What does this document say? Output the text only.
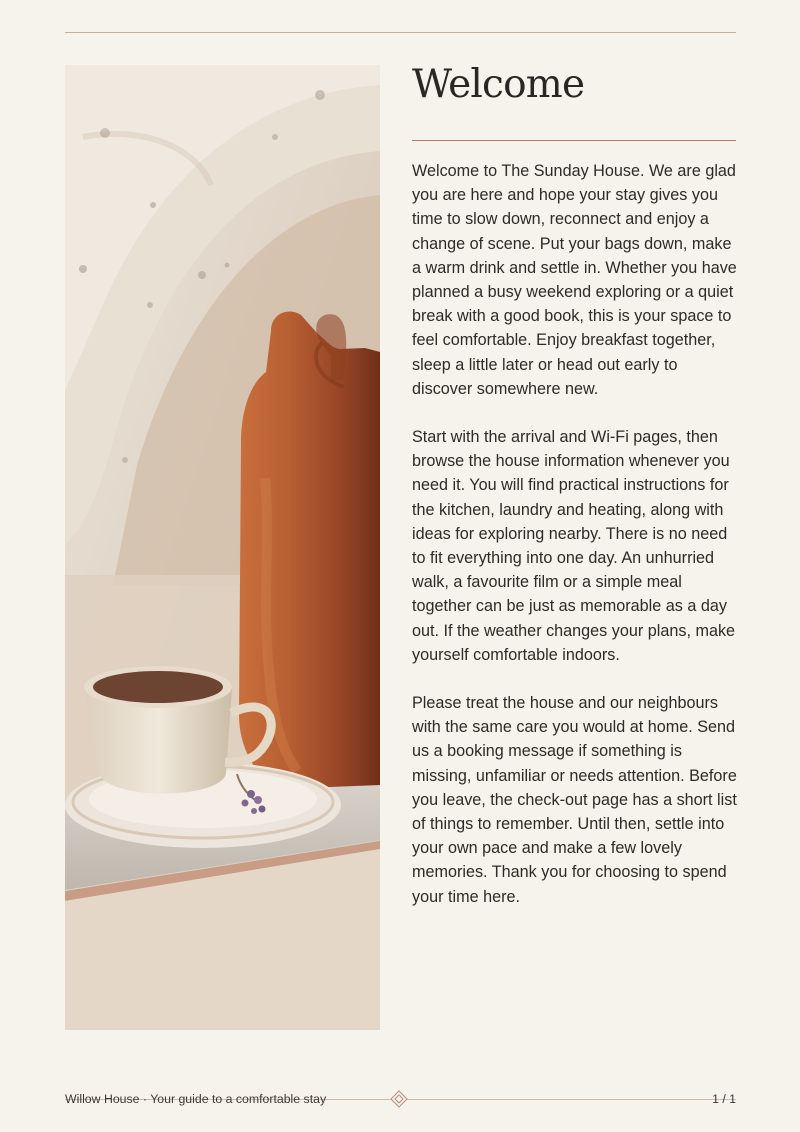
Welcome

Welcome to The Sunday House. We are glad you are here and hope your stay gives you time to slow down, reconnect and enjoy a change of scene. Put your bags down, make a warm drink and settle in. Whether you have planned a busy weekend exploring or a quiet break with a good book, this is your space to feel comfortable. Enjoy breakfast together, sleep a little later or head out early to discover somewhere new.

Start with the arrival and Wi-Fi pages, then browse the house information whenever you need it. You will find practical instructions for the kitchen, laundry and heating, along with ideas for exploring nearby. There is no need to fit everything into one day. An unhurried walk, a favourite film or a simple meal together can be just as memorable as a day out. If the weather changes your plans, make yourself comfortable indoors.

Please treat the house and our neighbours with the same care you would at home. Send us a booking message if something is missing, unfamiliar or needs attention. Before you leave, the check-out page has a short list of things to remember. Until then, settle into your own pace and make a few lovely memories. Thank you for choosing to spend your time here.

Willow House · Your guide to a comfortable stay	1 / 1
